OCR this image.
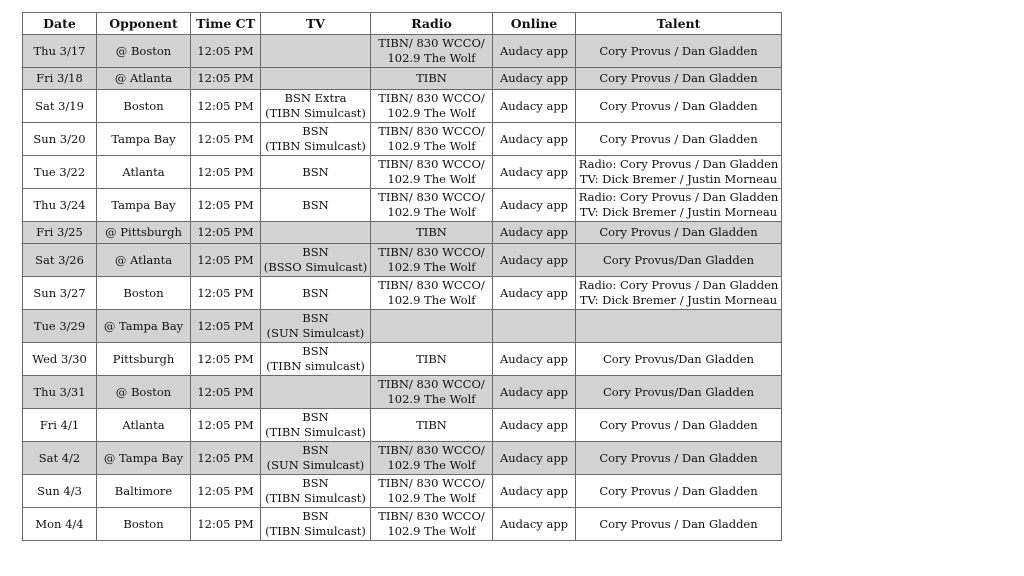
Date	Opponent	Time CT	TV	Radio	Online	Talent
Thu 3/17	@ Boston	12:05 PM		TIBN/ 830 WCCO/
102.9 The Wolf	Audacy app	Cory Provus / Dan Gladden

Fri 3/18	@ Atlanta	12:05 PM		TIBN	Audacy app	Cory Provus / Dan Gladden

Sat 3/19	Boston	12:05 PM	BSN Extra
(TIBN Simulcast)	TIBN/ 830 WCCO/
102.9 The Wolf	Audacy app	Cory Provus / Dan Gladden

Sun 3/20	Tampa Bay	12:05 PM	BSN
(TIBN Simulcast)	TIBN/ 830 WCCO/
102.9 The Wolf	Audacy app	Cory Provus / Dan Gladden

Tue 3/22	Atlanta	12:05 PM	BSN	TIBN/ 830 WCCO/
102.9 The Wolf	Audacy app	Radio: Cory Provus / Dan Gladden
TV: Dick Bremer / Justin Morneau

Thu 3/24	Tampa Bay	12:05 PM	BSN	TIBN/ 830 WCCO/
102.9 The Wolf	Audacy app	Radio: Cory Provus / Dan Gladden
TV: Dick Bremer / Justin Morneau

Fri 3/25	@ Pittsburgh	12:05 PM		TIBN	Audacy app	Cory Provus / Dan Gladden

Sat 3/26	@ Atlanta	12:05 PM	BSN
(BSSO Simulcast)	TIBN/ 830 WCCO/
102.9 The Wolf	Audacy app	Cory Provus/Dan Gladden

Sun 3/27	Boston	12:05 PM	BSN	TIBN/ 830 WCCO/
102.9 The Wolf	Audacy app	Radio: Cory Provus / Dan Gladden
TV: Dick Bremer / Justin Morneau

Tue 3/29	@ Tampa Bay	12:05 PM	BSN
(SUN Simulcast)			

Wed 3/30	Pittsburgh	12:05 PM	BSN
(TIBN simulcast)	TIBN	Audacy app	Cory Provus/Dan Gladden

Thu 3/31	@ Boston	12:05 PM		TIBN/ 830 WCCO/
102.9 The Wolf	Audacy app	Cory Provus/Dan Gladden

Fri 4/1	Atlanta	12:05 PM	BSN
(TIBN Simulcast)	TIBN	Audacy app	Cory Provus / Dan Gladden

Sat 4/2	@ Tampa Bay	12:05 PM	BSN
(SUN Simulcast)	TIBN/ 830 WCCO/
102.9 The Wolf	Audacy app	Cory Provus / Dan Gladden

Sun 4/3	Baltimore	12:05 PM	BSN
(TIBN Simulcast)	TIBN/ 830 WCCO/
102.9 The Wolf	Audacy app	Cory Provus / Dan Gladden

Mon 4/4	Boston	12:05 PM	BSN
(TIBN Simulcast)	TIBN/ 830 WCCO/
102.9 The Wolf	Audacy app	Cory Provus / Dan Gladden
